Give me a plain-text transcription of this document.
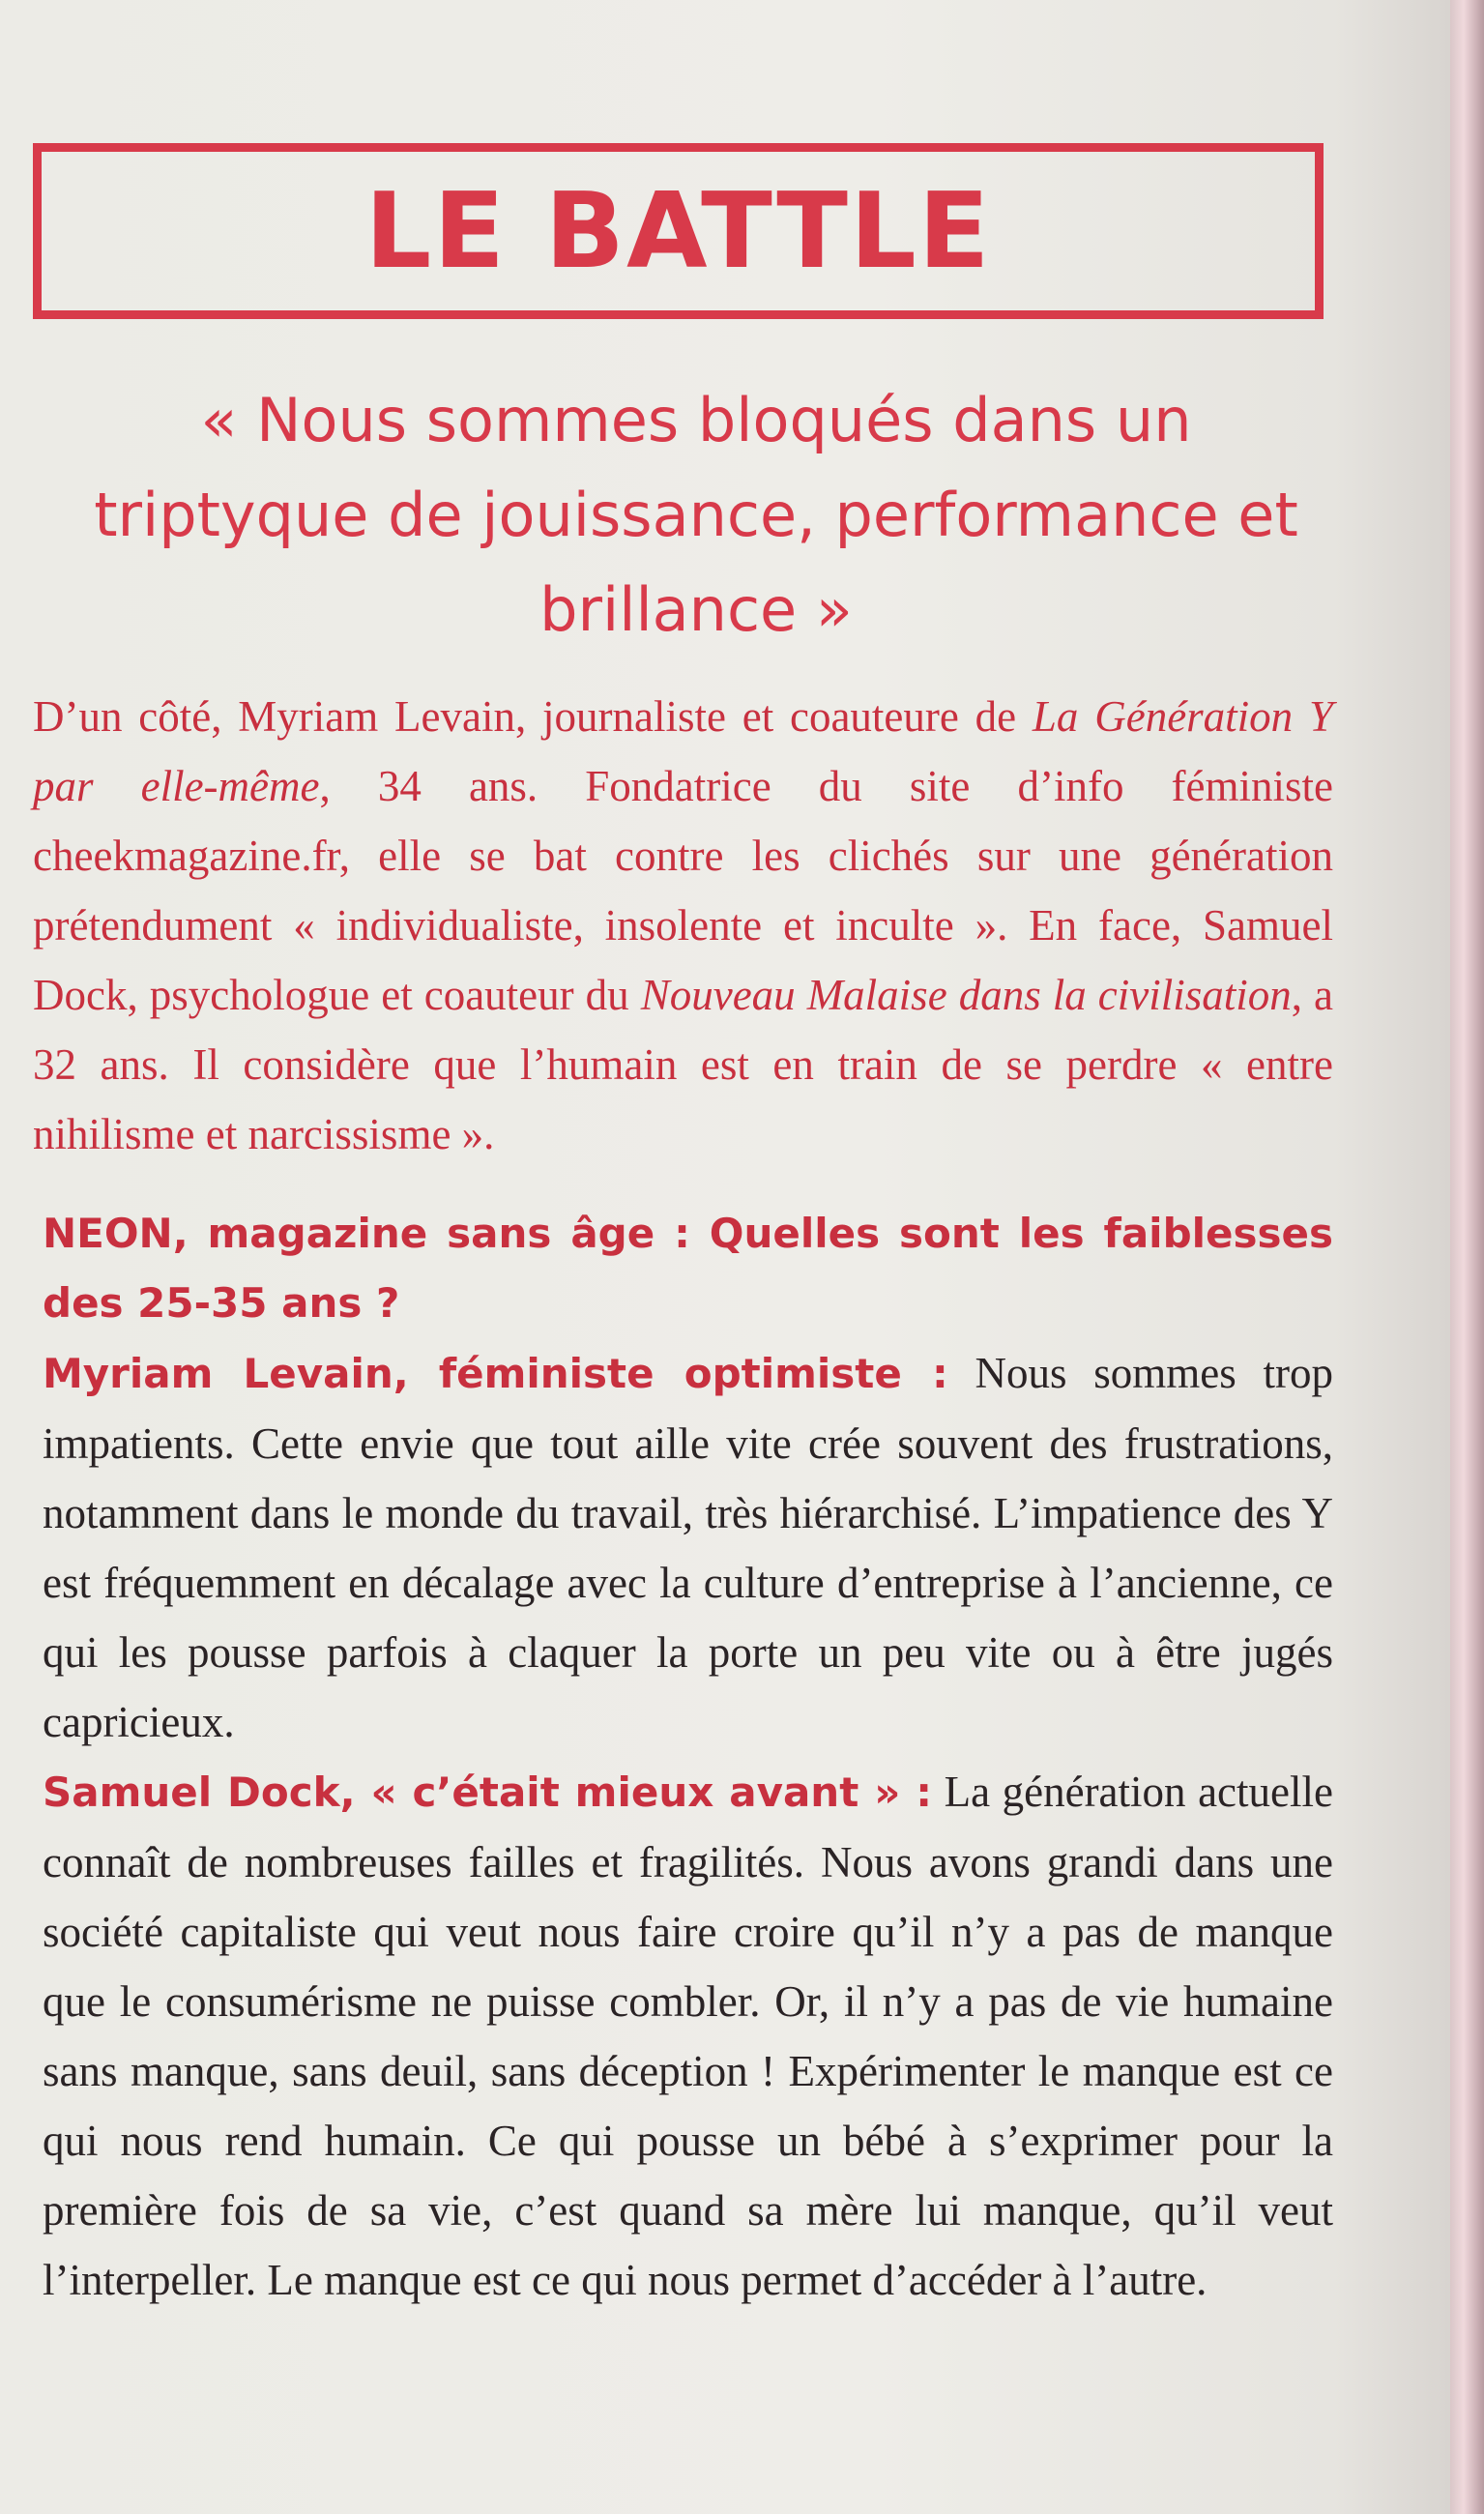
LE BATTLE
« Nous sommes bloqués dans un triptyque de jouissance, performance et brillance »

D’un côté, Myriam Levain, journaliste et coauteure de La Génération Y par elle-même, 34 ans. Fondatrice du site d’info féministe cheekmagazine.fr, elle se bat contre les clichés sur une génération prétendument « individualiste, insolente et inculte ». En face, Samuel Dock, psychologue et coauteur du Nouveau Malaise dans la civilisation, a 32 ans. Il considère que l’humain est en train de se perdre « entre nihilisme et narcissisme ».

NEON, magazine sans âge : Quelles sont les faiblesses des 25-35 ans ?

Myriam Levain, féministe optimiste : Nous sommes trop impatients. Cette envie que tout aille vite crée souvent des frustrations, notamment dans le monde du travail, très hiérarchisé. L’impatience des Y est fréquemment en décalage avec la culture d’entreprise à l’ancienne, ce qui les pousse parfois à claquer la porte un peu vite ou à être jugés capricieux.

Samuel Dock, « c’était mieux avant » : La génération actuelle connaît de nombreuses failles et fragilités. Nous avons grandi dans une société capitaliste qui veut nous faire croire qu’il n’y a pas de manque que le consumérisme ne puisse combler. Or, il n’y a pas de vie humaine sans manque, sans deuil, sans déception ! Expérimenter le manque est ce qui nous rend humain. Ce qui pousse un bébé à s’exprimer pour la première fois de sa vie, c’est quand sa mère lui manque, qu’il veut l’interpeller. Le manque est ce qui nous permet d’accéder à l’autre.
